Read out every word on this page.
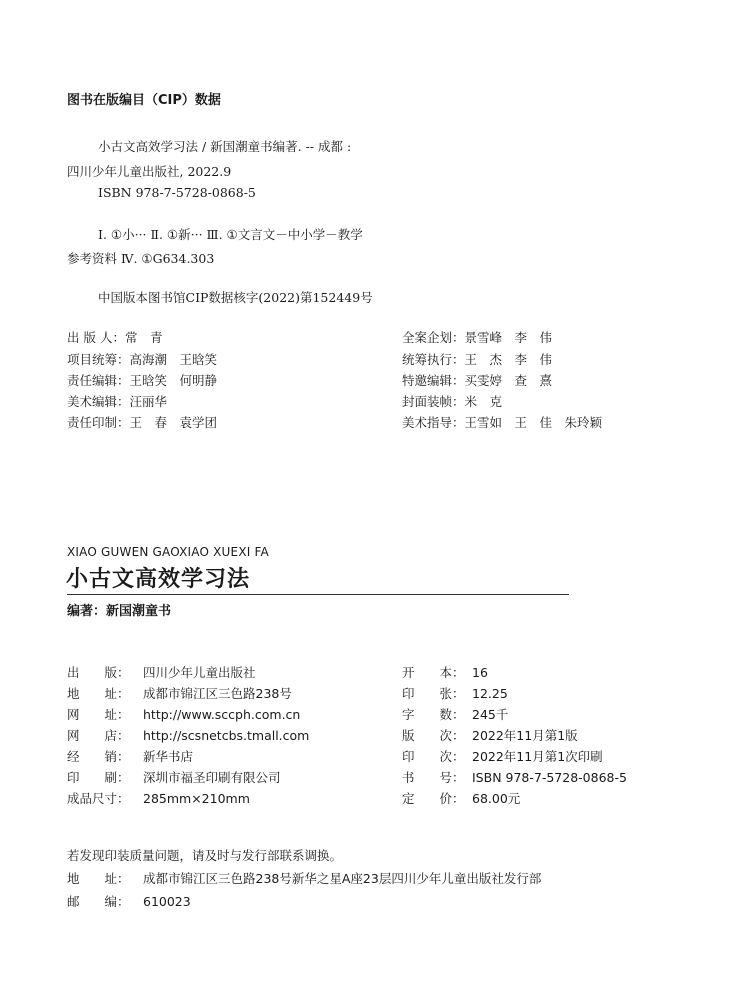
图书在版编目（CIP）数据
小古文高效学习法 / 新国潮童书编著. -- 成都 :
四川少年儿童出版社, 2022.9
ISBN 978-7-5728-0868-5
Ⅰ. ①小··· Ⅱ. ①新··· Ⅲ. ①文言文－中小学－教学
参考资料 Ⅳ. ①G634.303
中国版本图书馆CIP数据核字(2022)第152449号
出 版 人：常　青
项目统筹：高海潮　王晗笑
责任编辑：王晗笑　何明静
美术编辑：汪丽华
责任印制：王　春　袁学团
全案企划：景雪峰　李　伟
统筹执行：王　杰　李　伟
特邀编辑：买雯婷　查　熹
封面装帧：米　克
美术指导：王雪如　王　佳　朱玲颖
XIAO GUWEN GAOXIAO XUEXI FA
小古文高效学习法
编著：新国潮童书
出　　版： 四川少年儿童出版社
地　　址： 成都市锦江区三色路238号
网　　址： http://www.sccph.com.cn
网　　店： http://scsnetcbs.tmall.com
经　　销： 新华书店
印　　刷： 深圳市福圣印刷有限公司
成品尺寸： 285mm×210mm
开　　本： 16
印　　张： 12.25
字　　数： 245千
版　　次： 2022年11月第1版
印　　次： 2022年11月第1次印刷
书　　号： ISBN 978-7-5728-0868-5
定　　价： 68.00元
若发现印装质量问题，请及时与发行部联系调换。
地　　址： 成都市锦江区三色路238号新华之星A座23层四川少年儿童出版社发行部
邮　　编： 610023
